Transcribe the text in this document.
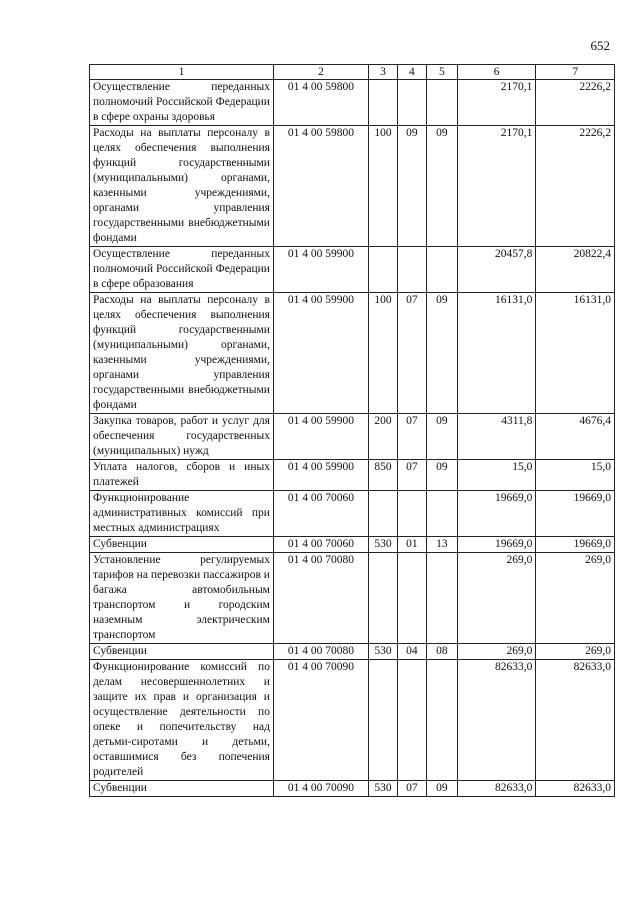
652
1	2	3	4	5	6	7
Осуществление переданных полномочий Российской Федерации в сфере охраны здоровья	01 4 00 59800				2170,1	2226,2
Расходы на выплаты персоналу в целях обеспечения выполнения функций государственными (муниципальными) органами, казенными учреждениями, органами управления государственными внебюджетными фондами	01 4 00 59800	100	09	09	2170,1	2226,2
Осуществление переданных полномочий Российской Федерации в сфере образования	01 4 00 59900				20457,8	20822,4
Расходы на выплаты персоналу в целях обеспечения выполнения функций государственными (муниципальными) органами, казенными учреждениями, органами управления государственными внебюджетными фондами	01 4 00 59900	100	07	09	16131,0	16131,0
Закупка товаров, работ и услуг для обеспечения государственных (муниципальных) нужд	01 4 00 59900	200	07	09	4311,8	4676,4
Уплата налогов, сборов и иных платежей	01 4 00 59900	850	07	09	15,0	15,0
Функционирование административных комиссий при местных администрациях	01 4 00 70060				19669,0	19669,0
Субвенции	01 4 00 70060	530	01	13	19669,0	19669,0
Установление регулируемых тарифов на перевозки пассажиров и багажа автомобильным транспортом и городским наземным электрическим транспортом	01 4 00 70080				269,0	269,0
Субвенции	01 4 00 70080	530	04	08	269,0	269,0
Функционирование комиссий по делам несовершеннолетних и защите их прав и организация и осуществление деятельности по опеке и попечительству над детьми-сиротами и детьми, оставшимися без попечения родителей	01 4 00 70090				82633,0	82633,0
Субвенции	01 4 00 70090	530	07	09	82633,0	82633,0
